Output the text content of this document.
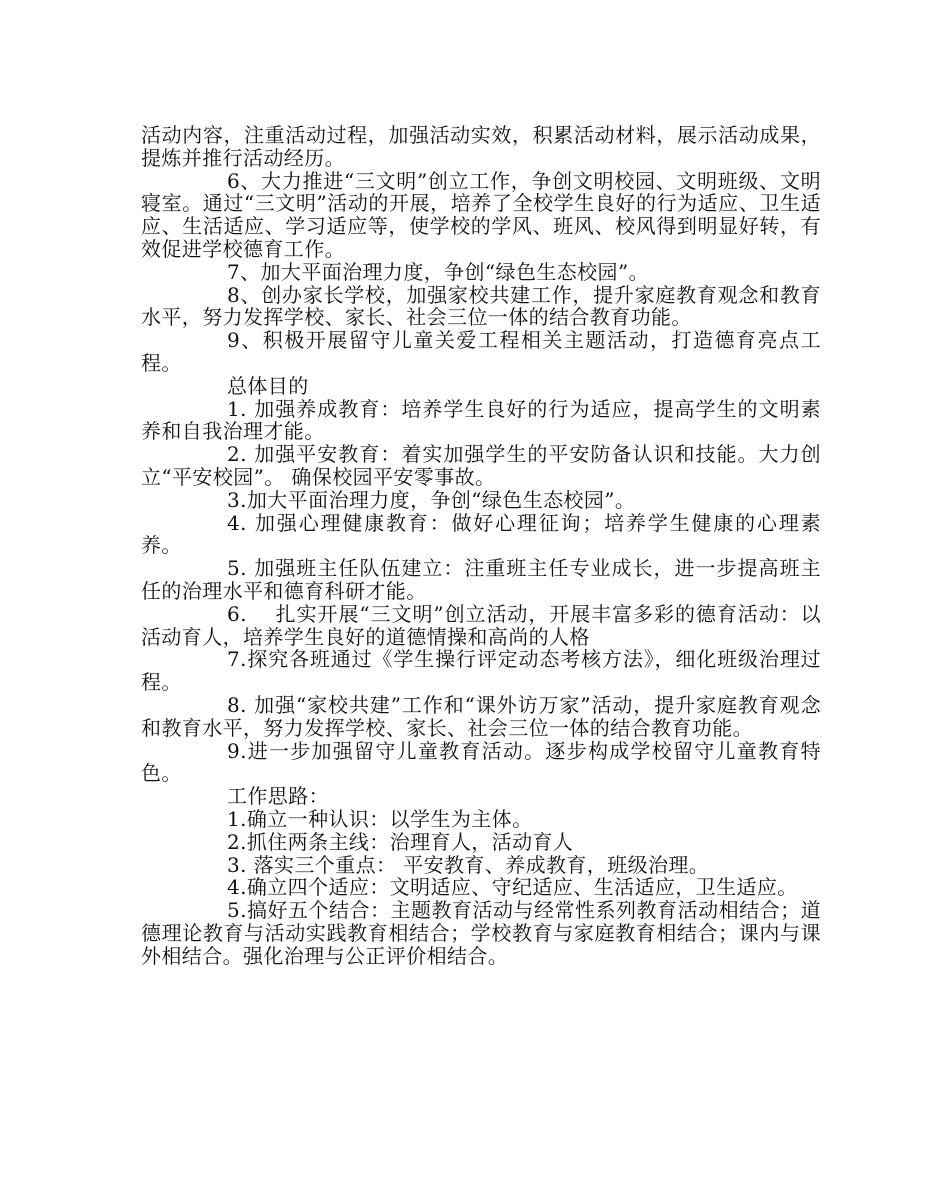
活动内容，注重活动过程，加强活动实效，积累活动材料，展示活动成果，提炼并推行活动经历。

6、大力推进“三文明”创立工作，争创文明校园、文明班级、文明寝室。通过“三文明”活动的开展，培养了全校学生良好的行为适应、卫生适应、生活适应、学习适应等，使学校的学风、班风、校风得到明显好转，有效促进学校德育工作。

7、加大平面治理力度，争创“绿色生态校园”。

8、创办家长学校，加强家校共建工作，提升家庭教育观念和教育水平，努力发挥学校、家长、社会三位一体的结合教育功能。

9、积极开展留守儿童关爱工程相关主题活动，打造德育亮点工程。

总体目的

1. 加强养成教育：培养学生良好的行为适应，提高学生的文明素养和自我治理才能。

2. 加强平安教育：着实加强学生的平安防备认识和技能。大力创立“平安校园”。 确保校园平安零事故。

3.加大平面治理力度，争创“绿色生态校园”。

4. 加强心理健康教育：做好心理征询；培养学生健康的心理素养。

5. 加强班主任队伍建立：注重班主任专业成长，进一步提高班主任的治理水平和德育科研才能。

6.　 扎实开展“三文明”创立活动，开展丰富多彩的德育活动：以活动育人，培养学生良好的道德情操和高尚的人格

7.探究各班通过《学生操行评定动态考核方法》，细化班级治理过程。

8. 加强“家校共建”工作和“课外访万家”活动，提升家庭教育观念和教育水平，努力发挥学校、家长、社会三位一体的结合教育功能。

9.进一步加强留守儿童教育活动。逐步构成学校留守儿童教育特色。

工作思路：

1.确立一种认识：以学生为主体。

2.抓住两条主线：治理育人，活动育人

3. 落实三个重点： 平安教育、养成教育，班级治理。

4.确立四个适应：文明适应、守纪适应、生活适应，卫生适应。

5.搞好五个结合：主题教育活动与经常性系列教育活动相结合；道德理论教育与活动实践教育相结合；学校教育与家庭教育相结合；课内与课外相结合。强化治理与公正评价相结合。
